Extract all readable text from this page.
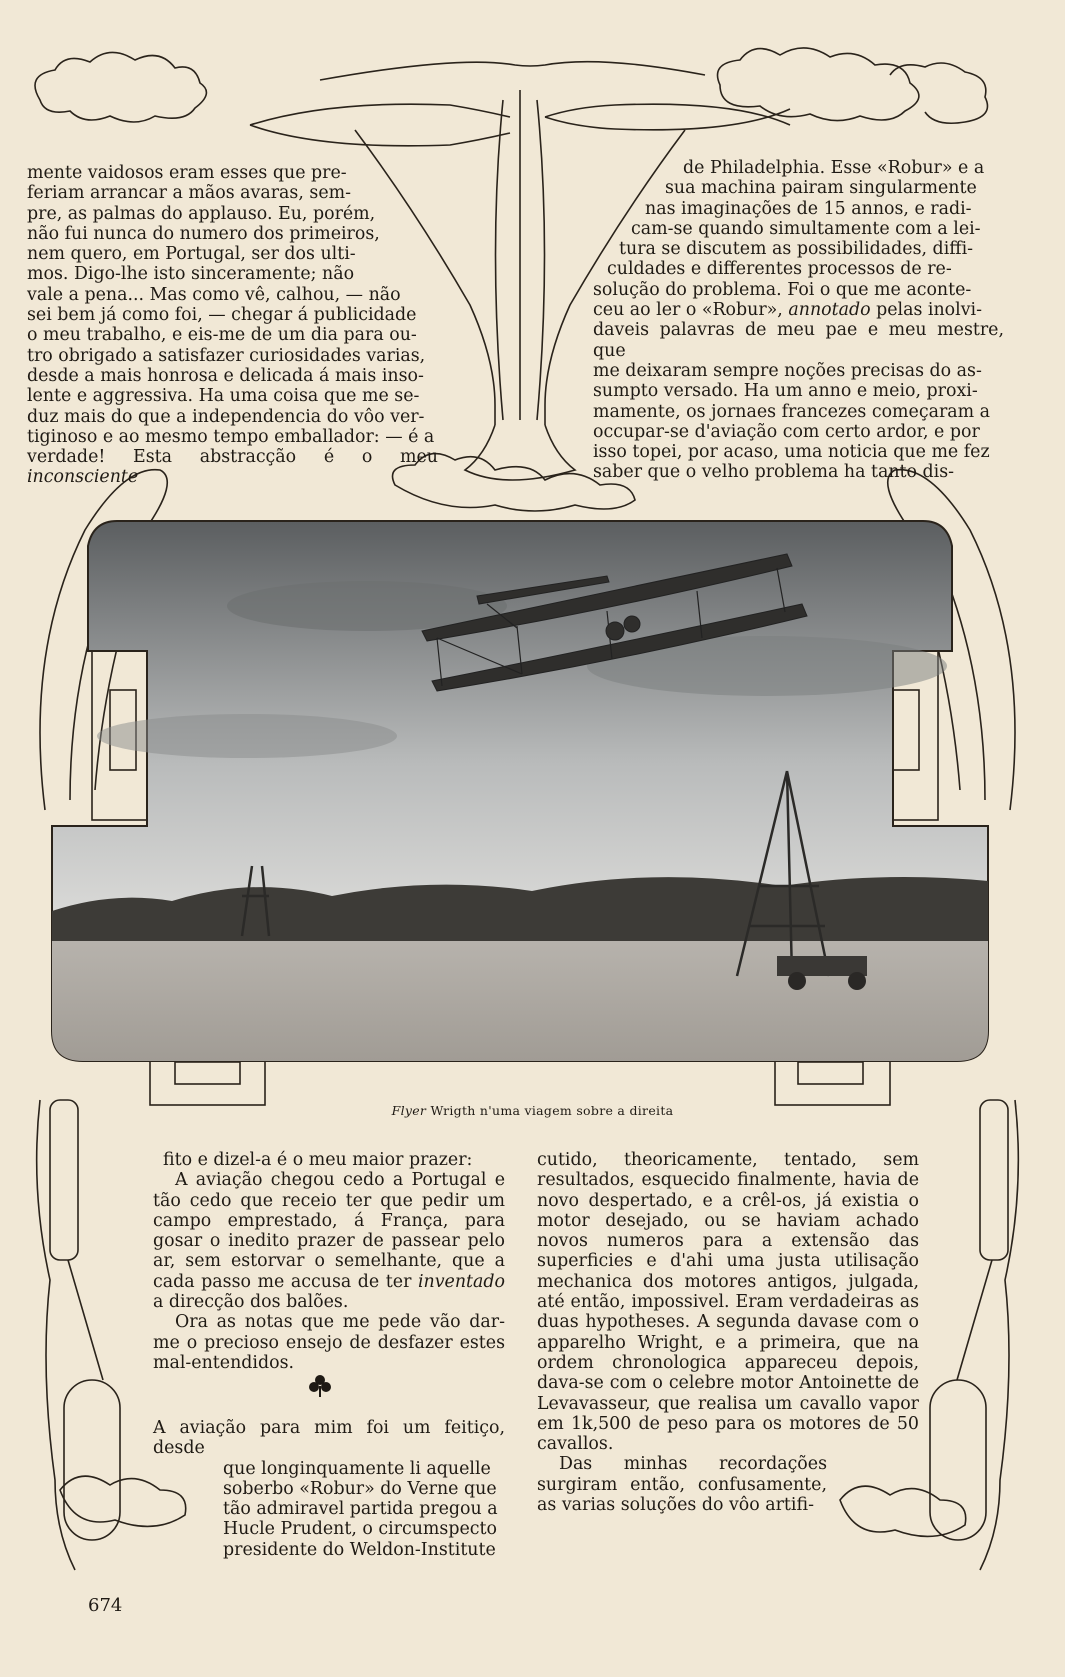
mente vaidosos eram esses que pre-

feriam arrancar a mãos avaras, sem-

pre, as palmas do applauso. Eu, porém,

não fui nunca do numero dos primeiros,

nem quero, em Portugal, ser dos ulti-

mos. Digo-lhe isto sinceramente; não

vale a pena... Mas como vê, calhou, — não

sei bem já como foi, — chegar á publicidade

o meu trabalho, e eis-me de um dia para ou-

tro obrigado a satisfazer curiosidades varias,

desde a mais honrosa e delicada á mais inso-

lente e aggressiva. Ha uma coisa que me se-

duz mais do que a independencia do vôo ver-

tiginoso e ao mesmo tempo emballador: — é a

verdade! Esta abstracção é o meu inconsciente

de Philadelphia. Esse «Robur» e a

sua machina pairam singularmente

nas imaginações de 15 annos, e radi-

cam-se quando simultamente com a lei-

tura se discutem as possibilidades, diffi-

culdades e differentes processos de re-

solução do problema. Foi o que me aconte-

ceu ao ler o «Robur», annotado pelas inolvi-

daveis palavras de meu pae e meu mestre, que

me deixaram sempre noções precisas do as-

sumpto versado. Ha um anno e meio, proxi-

mamente, os jornaes francezes começaram a

occupar-se d'aviação com certo ardor, e por

isso topei, por acaso, uma noticia que me fez

saber que o velho problema ha tanto dis-

Flyer Wrigth n'uma viagem sobre a direita

fito e dizel-a é o meu maior prazer:

A aviação chegou cedo a Portugal e tão cedo que receio ter que pedir um campo emprestado, á França, para gosar o inedito prazer de passear pelo ar, sem estorvar o semelhante, que a cada passo me accusa de ter inventado a direcção dos balões.

Ora as notas que me pede vão dar-me o precioso ensejo de desfazer estes mal-entendidos.

A aviação para mim foi um feitiço, desde

que longinquamente li aquelle

soberbo «Robur» do Verne que

tão admiravel partida pregou a

Hucle Prudent, o circumspecto

presidente do Weldon-Institute

cutido, theoricamente, tentado, sem resultados, esquecido finalmente, havia de novo despertado, e a crêl-os, já existia o motor desejado, ou se haviam achado novos numeros para a extensão das superficies e d'ahi uma justa utilisação mechanica dos motores antigos, julgada, até então, impossivel. Eram verdadeiras as duas hypotheses. A segunda davase com o apparelho Wright, e a primeira, que na ordem chronologica appareceu depois, dava-se com o celebre motor Antoinette de Levavasseur, que realisa um cavallo vapor em 1k,500 de peso para os motores de 50 cavallos.

Das minhas recordações surgiram então, confusamente, as varias soluções do vôo artifi-

674
